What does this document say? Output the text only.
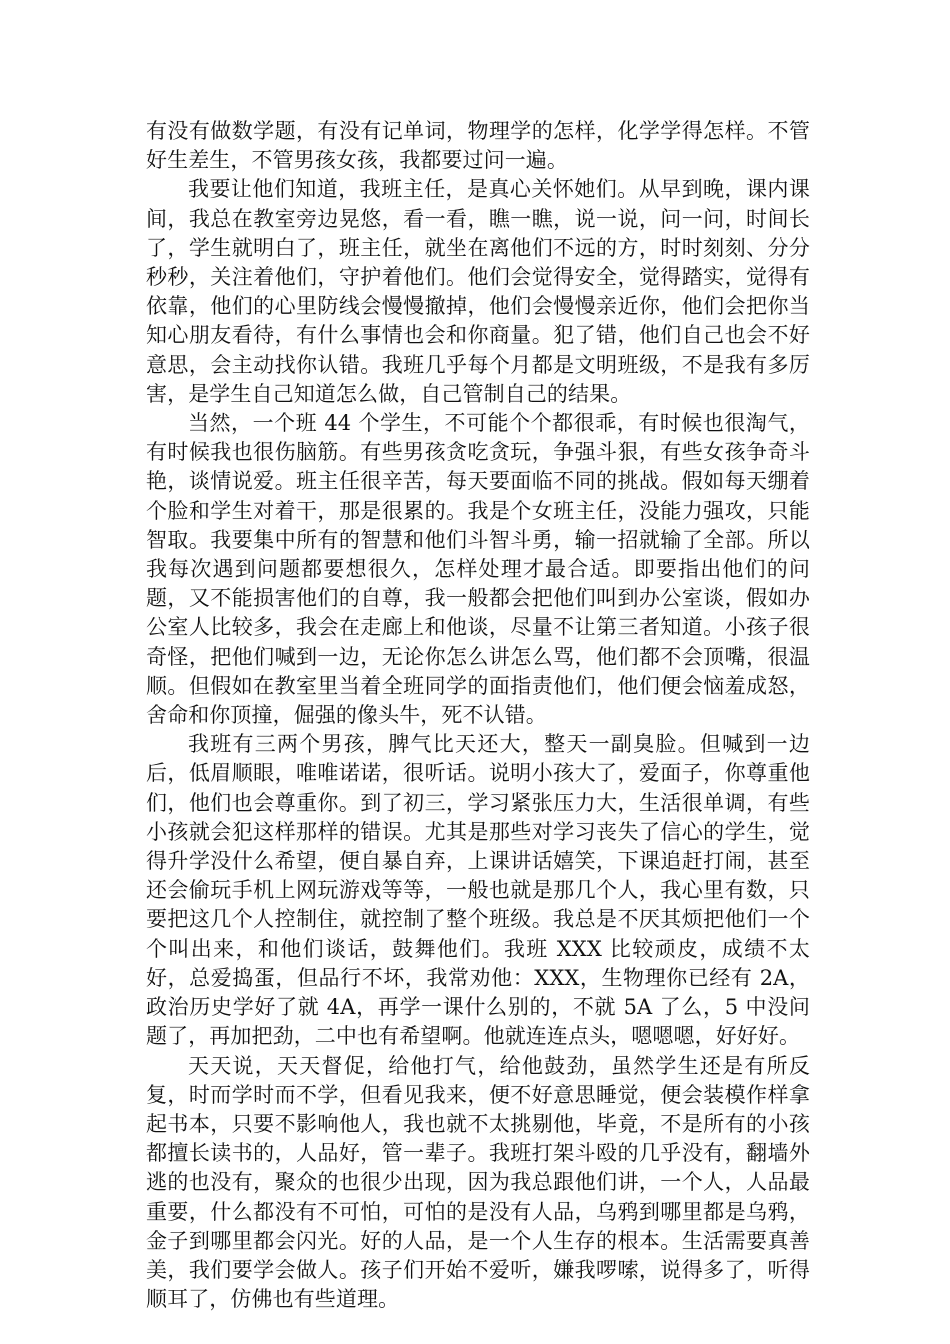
有没有做数学题，有没有记单词，物理学的怎样，化学学得怎样。不管好生差生，不管男孩女孩，我都要过问一遍。

我要让他们知道，我班主任，是真心关怀她们。从早到晚，课内课间，我总在教室旁边晃悠，看一看，瞧一瞧，说一说，问一问，时间长了，学生就明白了，班主任，就坐在离他们不远的方，时时刻刻、分分秒秒，关注着他们，守护着他们。他们会觉得安全，觉得踏实，觉得有依靠，他们的心里防线会慢慢撤掉，他们会慢慢亲近你，他们会把你当知心朋友看待，有什么事情也会和你商量。犯了错，他们自己也会不好意思，会主动找你认错。我班几乎每个月都是文明班级，不是我有多厉害，是学生自己知道怎么做，自己管制自己的结果。

当然，一个班 44 个学生，不可能个个都很乖，有时候也很淘气，有时候我也很伤脑筋。有些男孩贪吃贪玩，争强斗狠，有些女孩争奇斗艳，谈情说爱。班主任很辛苦，每天要面临不同的挑战。假如每天绷着个脸和学生对着干，那是很累的。我是个女班主任，没能力强攻，只能智取。我要集中所有的智慧和他们斗智斗勇，输一招就输了全部。所以我每次遇到问题都要想很久，怎样处理才最合适。即要指出他们的问题，又不能损害他们的自尊，我一般都会把他们叫到办公室谈，假如办公室人比较多，我会在走廊上和他谈，尽量不让第三者知道。小孩子很奇怪，把他们喊到一边，无论你怎么讲怎么骂，他们都不会顶嘴，很温顺。但假如在教室里当着全班同学的面指责他们，他们便会恼羞成怒，舍命和你顶撞，倔强的像头牛，死不认错。

我班有三两个男孩，脾气比天还大，整天一副臭脸。但喊到一边后，低眉顺眼，唯唯诺诺，很听话。说明小孩大了，爱面子，你尊重他们，他们也会尊重你。到了初三，学习紧张压力大，生活很单调，有些小孩就会犯这样那样的错误。尤其是那些对学习丧失了信心的学生，觉得升学没什么希望，便自暴自弃，上课讲话嬉笑，下课追赶打闹，甚至还会偷玩手机上网玩游戏等等，一般也就是那几个人，我心里有数，只要把这几个人控制住，就控制了整个班级。我总是不厌其烦把他们一个个叫出来，和他们谈话，鼓舞他们。我班 XXX 比较顽皮，成绩不太好，总爱捣蛋，但品行不坏，我常劝他：XXX，生物理你已经有 2A，政治历史学好了就 4A，再学一课什么别的，不就 5A 了么，5 中没问题了，再加把劲，二中也有希望啊。他就连连点头，嗯嗯嗯，好好好。

天天说，天天督促，给他打气，给他鼓劲，虽然学生还是有所反复，时而学时而不学，但看见我来，便不好意思睡觉，便会装模作样拿起书本，只要不影响他人，我也就不太挑剔他，毕竟，不是所有的小孩都擅长读书的，人品好，管一辈子。我班打架斗殴的几乎没有，翻墙外逃的也没有，聚众的也很少出现，因为我总跟他们讲，一个人，人品最重要，什么都没有不可怕，可怕的是没有人品，乌鸦到哪里都是乌鸦，金子到哪里都会闪光。好的人品，是一个人生存的根本。生活需要真善美，我们要学会做人。孩子们开始不爱听，嫌我啰嗦，说得多了，听得顺耳了，仿佛也有些道理。
